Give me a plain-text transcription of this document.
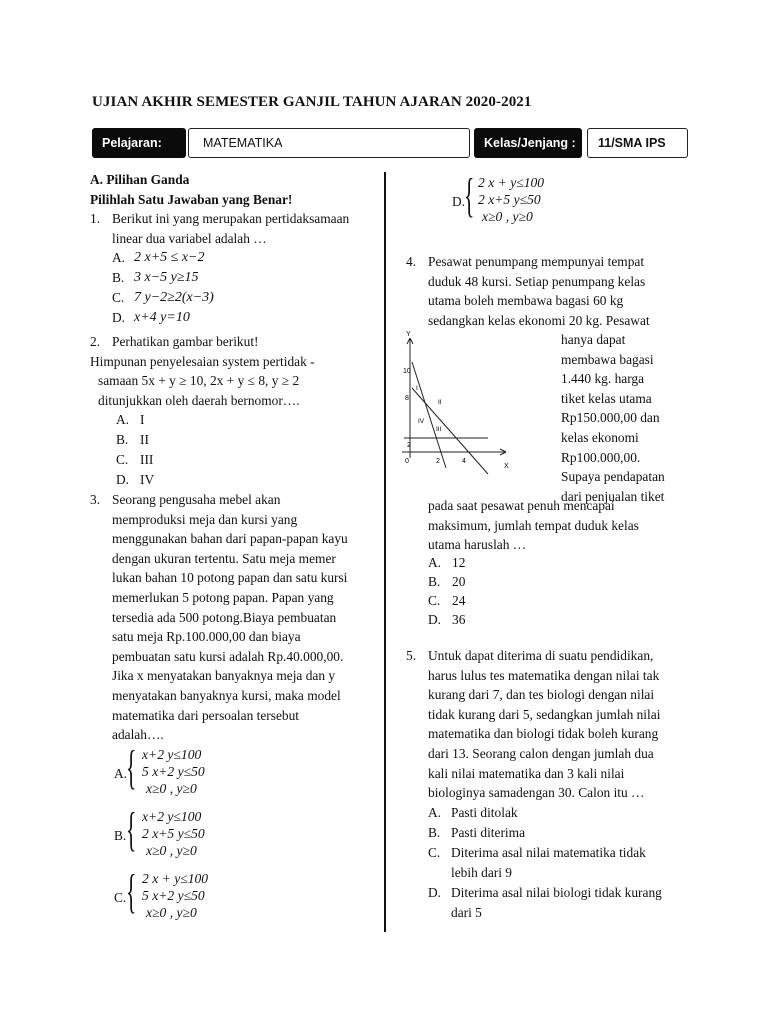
UJIAN AKHIR SEMESTER GANJIL TAHUN AJARAN 2020-2021
Pelajaran:	MATEMATIKA	Kelas/Jenjang :	11/SMA IPS

A. Pilihan Ganda

Pilihlah Satu Jawaban yang Benar!

1. Berikut ini yang merupakan pertidaksamaan

linear dua variabel adalah …

A. 2 x+5 ≤ x−2
B. 3 x−5 y≥15
C. 7 y−2≥2(x−3)
D. x+4 y=10
2. Perhatikan gambar berikut!

Himpunan penyelesaian system pertidak -

samaan 5x + y ≥ 10, 2x + y ≤ 8, y ≥ 2

ditunjukkan oleh daerah bernomor….

A. I
B. II
C. III
D. IV
3. Seorang pengusaha mebel akan

memproduksi meja dan kursi yang

menggunakan bahan dari papan-papan kayu

dengan ukuran tertentu. Satu meja memer

lukan bahan 10 potong papan dan satu kursi

memerlukan 5 potong papan. Papan yang

tersedia ada 500 potong.Biaya pembuatan

satu meja Rp.100.000,00 dan biaya

pembuatan satu kursi adalah Rp.40.000,00.

Jika x menyatakan banyaknya meja dan y

menyatakan banyaknya kursi, maka model

matematika dari persoalan tersebut

adalah….

A.
{ x+2 y≤100
5 x+2 y≤50
x≥0 , y≥0
B. { x+2 y≤100
2 x+5 y≤50
x≥0 , y≥0
C. { 2 x + y≤100
5 x+2 y≤50
x≥0 , y≥0
D.
{ 2 x + y≤100
2 x+5 y≤50
x≥0 , y≥0
4. Pesawat penumpang mempunyai tempat

duduk 48 kursi. Setiap penumpang kelas

utama boleh membawa bagasi 60 kg

sedangkan kelas ekonomi 20 kg. Pesawat

hanya dapat

membawa bagasi

1.440 kg. harga

tiket kelas utama

Rp150.000,00 dan

kelas ekonomi

Rp100.000,00.

Supaya pendapatan

dari penjualan tiket

pada saat pesawat penuh mencapai

maksimum, jumlah tempat duduk kelas

utama haruslah …

A. 12
B. 20
C. 24
D. 36
Y
X
10
8
2
0	2	4
I
II
III
IV
5. Untuk dapat diterima di suatu pendidikan,

harus lulus tes matematika dengan nilai tak

kurang dari 7, dan tes biologi dengan nilai

tidak kurang dari 5, sedangkan jumlah nilai

matematika dan biologi tidak boleh kurang

dari 13. Seorang calon dengan jumlah dua

kali nilai matematika dan 3 kali nilai

biologinya samadengan 30. Calon itu …

A. Pasti ditolak
B. Pasti diterima
C. Diterima asal nilai matematika tidak
lebih dari 9
D. Diterima asal nilai biologi tidak kurang
dari 5
